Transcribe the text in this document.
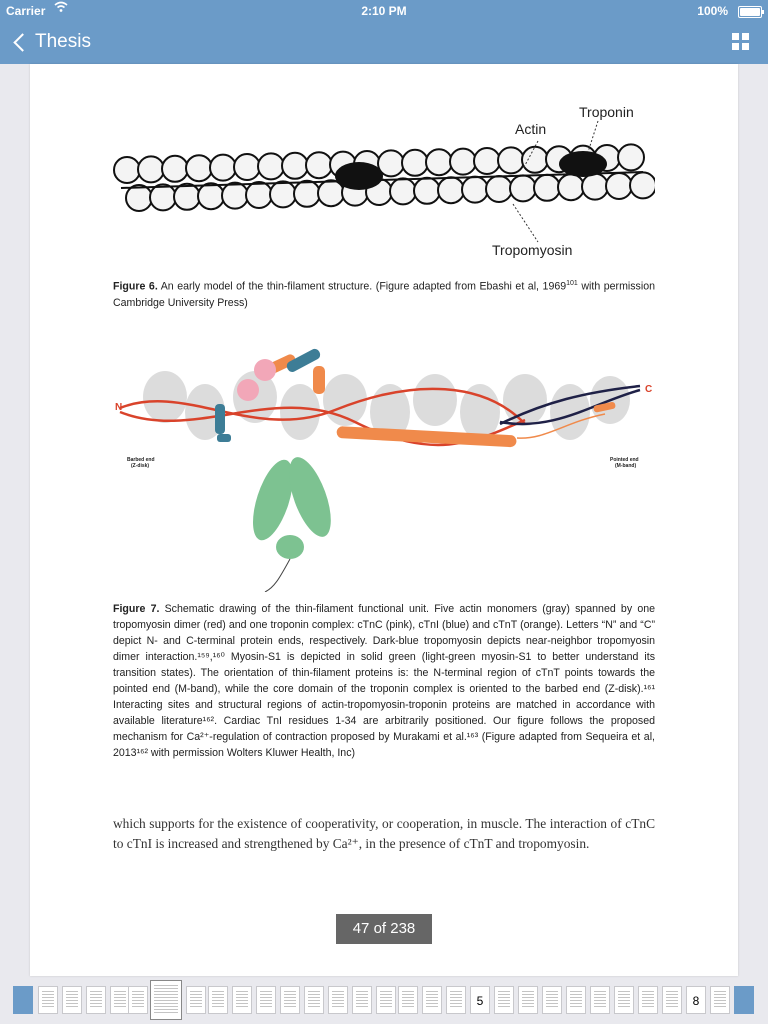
Carrier	2:10 PM	100%
Thesis
Actin
Troponin
Tropomyosin
Figure 6. An early model of the thin-filament structure. (Figure adapted from Ebashi et al, 1969$^{101}$ with permission Cambridge University Press)
N
C
Barbed end
(Z-disk)
Pointed end
(M-band)
Figure 7. Schematic drawing of the thin-filament functional unit. Five actin monomers (gray) spanned by one tropomyosin dimer (red) and one troponin complex: cTnC (pink), cTnI (blue) and cTnT (orange). Letters “N” and “C” depict N- and C-terminal protein ends, respectively. Dark-blue tropomyosin depicts near-neighbor tropomyosin dimer interaction.¹⁵⁹,¹⁶⁰ Myosin-S1 is depicted in solid green (light-green myosin-S1 to better understand its transition states). The orientation of thin-filament proteins is: the N-terminal region of cTnT points towards the pointed end (M-band), while the core domain of the troponin complex is oriented to the barbed end (Z-disk).¹⁶¹ Interacting sites and structural regions of actin-tropomyosin-troponin proteins are matched in accordance with available literature¹⁶². Cardiac TnI residues 1-34 are arbitrarily positioned. Our figure follows the proposed mechanism for Ca²⁺-regulation of contraction proposed by Murakami et al.¹⁶³ (Figure adapted from Sequeira et al, 2013¹⁶² with permission Wolters Kluwer Health, Inc)
which supports for the existence of cooperativity, or cooperation, in muscle. The interaction of cTnC to cTnI is increased and strengthened by Ca²⁺, in the presence of cTnT and tropomyosin.
47 of 238
5	8
